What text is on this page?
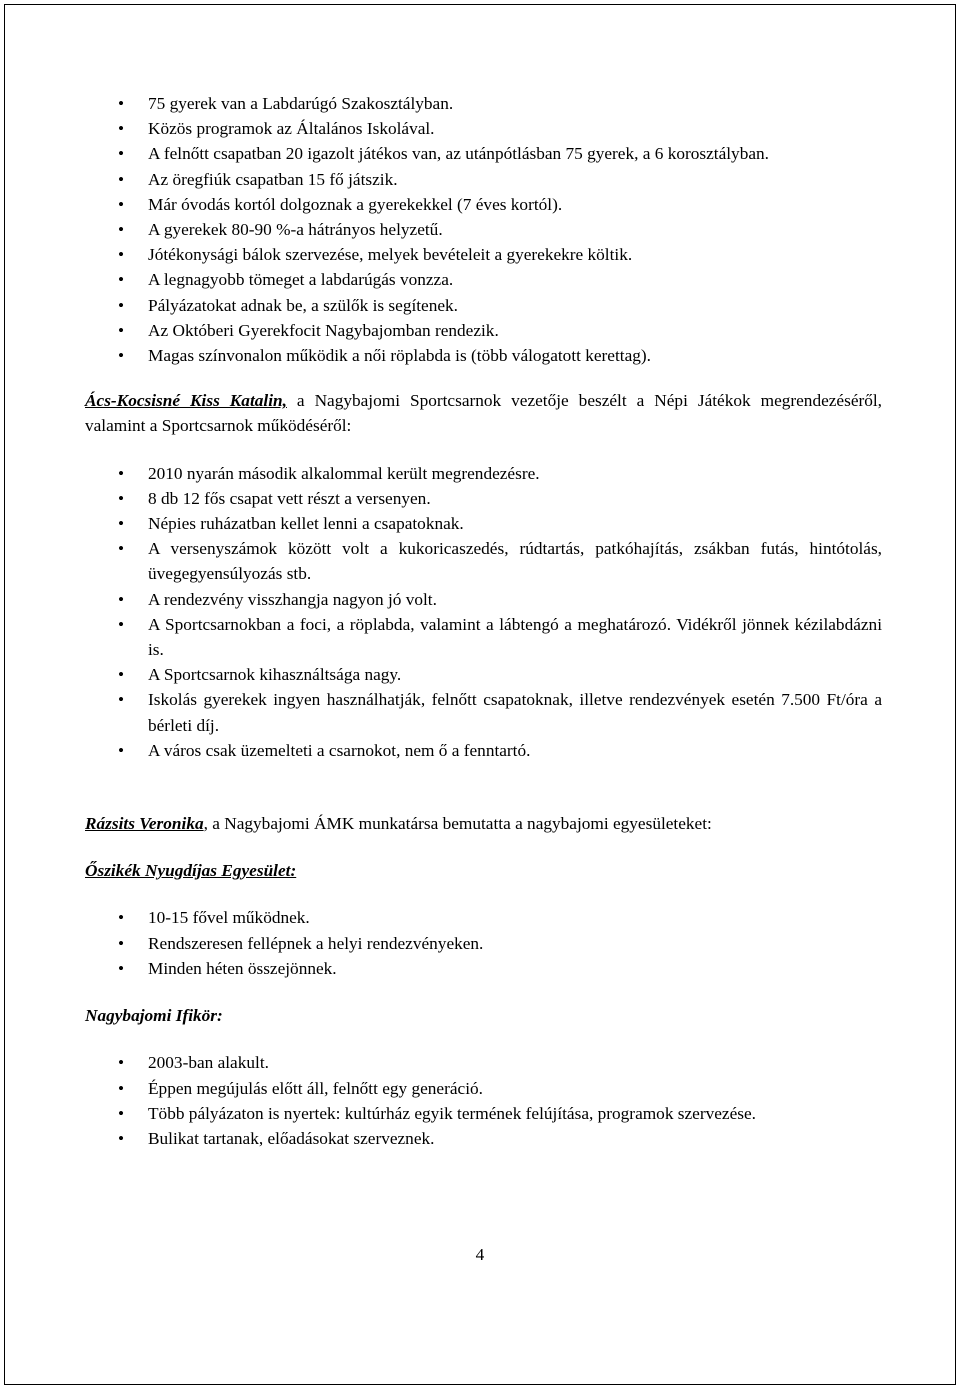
• 75 gyerek van a Labdarúgó Szakosztályban.
• Közös programok az Általános Iskolával.
• A felnőtt csapatban 20 igazolt játékos van, az utánpótlásban 75 gyerek, a 6 korosztályban.
• Az öregfiúk csapatban 15 fő játszik.
• Már óvodás kortól dolgoznak a gyerekekkel (7 éves kortól).
• A gyerekek 80-90 %-a hátrányos helyzetű.
• Jótékonysági bálok szervezése, melyek bevételeit a gyerekekre költik.
• A legnagyobb tömeget a labdarúgás vonzza.
• Pályázatokat adnak be, a szülők is segítenek.
• Az Októberi Gyerekfocit Nagybajomban rendezik.
• Magas színvonalon működik a női röplabda is (több válogatott kerettag).

Ács-Kocsisné Kiss Katalin, a Nagybajomi Sportcsarnok vezetője beszélt a Népi Játékok megrendezéséről, valamint a Sportcsarnok működéséről:

• 2010 nyarán második alkalommal került megrendezésre.
• 8 db 12 fős csapat vett részt a versenyen.
• Népies ruházatban kellet lenni a csapatoknak.
• A versenyszámok között volt a kukoricaszedés, rúdtartás, patkóhajítás, zsákban futás, hintótolás, üvegegyensúlyozás stb.
• A rendezvény visszhangja nagyon jó volt.
• A Sportcsarnokban a foci, a röplabda, valamint a lábtengó a meghatározó. Vidékről jönnek kézilabdázni is.
• A Sportcsarnok kihasználtsága nagy.
• Iskolás gyerekek ingyen használhatják, felnőtt csapatoknak, illetve rendezvények esetén 7.500 Ft/óra a bérleti díj.
• A város csak üzemelteti a csarnokot, nem ő a fenntartó.

Rázsits Veronika, a Nagybajomi ÁMK munkatársa bemutatta a nagybajomi egyesületeket:

Őszikék Nyugdíjas Egyesület:

• 10-15 fővel működnek.
• Rendszeresen fellépnek a helyi rendezvényeken.
• Minden héten összejönnek.

Nagybajomi Ifikör:

• 2003-ban alakult.
• Éppen megújulás előtt áll, felnőtt egy generáció.
• Több pályázaton is nyertek: kultúrház egyik termének felújítása, programok szervezése.
• Bulikat tartanak, előadásokat szerveznek.
4
